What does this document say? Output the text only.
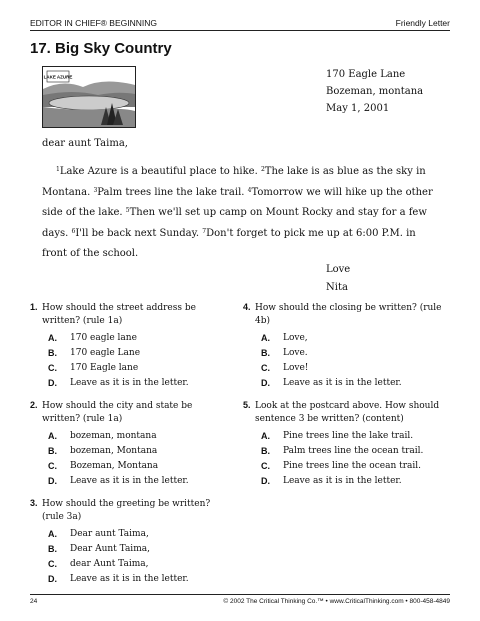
EDITOR IN CHIEF® BEGINNING	Friendly Letter
17. Big Sky Country
LAKE AZURE	170 Eagle Lane
Bozeman, montana
May 1, 2001
dear aunt Taima,
$^1$Lake Azure is a beautiful place to hike. $^2$The lake is as blue as the sky in Montana. $^3$Palm trees line the lake trail. $^4$Tomorrow we will hike up the other side of the lake. $^5$Then we'll set up camp on Mount Rocky and stay for a few days. $^6$I'll be back next Sunday. $^7$Don't forget to pick me up at 6:00 P.M. in front of the school.
Love
Nita
1. How should the street address be written? (rule 1a)
A. 170 eagle lane
B. 170 eagle Lane
C. 170 Eagle lane
D. Leave as it is in the letter.
2. How should the city and state be written? (rule 1a)
A. bozeman, montana
B. bozeman, Montana
C. Bozeman, Montana
D. Leave as it is in the letter.
3. How should the greeting be written? (rule 3a)
A. Dear aunt Taima,
B. Dear Aunt Taima,
C. dear Aunt Taima,
D. Leave as it is in the letter.
4. How should the closing be written? (rule 4b)
A. Love,
B. Love.
C. Love!
D. Leave as it is in the letter.
5. Look at the postcard above. How should sentence 3 be written? (content)
A. Pine trees line the lake trail.
B. Palm trees line the ocean trail.
C. Pine trees line the ocean trail.
D. Leave as it is in the letter.
24	© 2002 The Critical Thinking Co.™ • www.CriticalThinking.com • 800-458-4849
